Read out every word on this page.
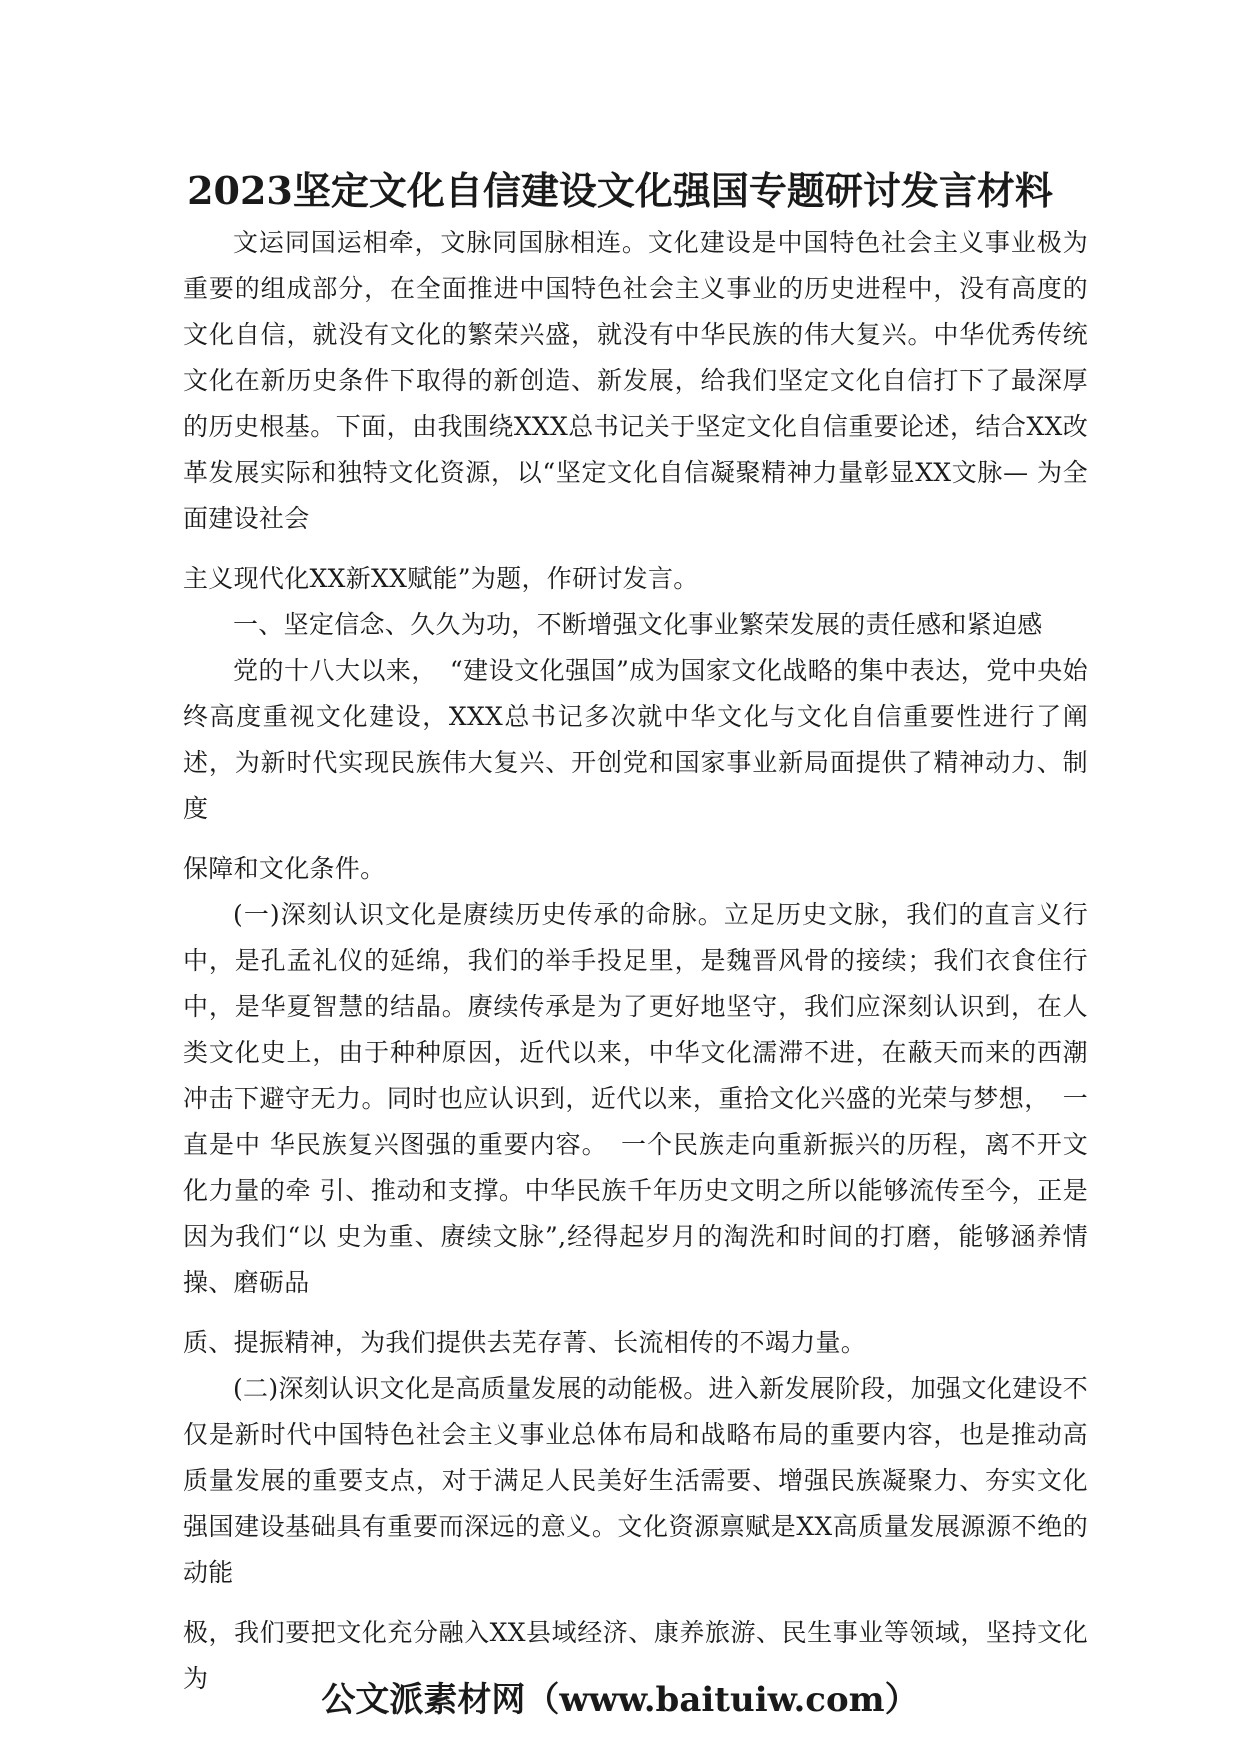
2023坚定文化自信建设文化强国专题研讨发言材料

文运同国运相牵，文脉同国脉相连。文化建设是中国特色社会主义事业极为重要的组成部分，在全面推进中国特色社会主义事业的历史进程中，没有高度的文化自信，就没有文化的繁荣兴盛，就没有中华民族的伟大复兴。中华优秀传统文化在新历史条件下取得的新创造、新发展，给我们坚定文化自信打下了最深厚的历史根基。下面，由我围绕XXX总书记关于坚定文化自信重要论述，结合XX改革发展实际和独特文化资源，以“坚定文化自信凝聚精神力量彰显XX文脉— 为全面建设社会

主义现代化XX新XX赋能”为题，作研讨发言。

一、坚定信念、久久为功，不断增强文化事业繁荣发展的责任感和紧迫感

党的十八大以来，　“建设文化强国”成为国家文化战略的集中表达，党中央始 终高度重视文化建设，XXX总书记多次就中华文化与文化自信重要性进行了阐 述，为新时代实现民族伟大复兴、开创党和国家事业新局面提供了精神动力、制度

保障和文化条件。

(一)深刻认识文化是赓续历史传承的命脉。立足历史文脉，我们的直言义行中，是孔孟礼仪的延绵，我们的举手投足里，是魏晋风骨的接续；我们衣食住行中，是华夏智慧的结晶。赓续传承是为了更好地坚守，我们应深刻认识到，在人类文化史上，由于种种原因，近代以来，中华文化濡滞不进，在蔽天而来的西潮冲击下避守无力。同时也应认识到，近代以来，重拾文化兴盛的光荣与梦想，　一直是中 华民族复兴图强的重要内容。　一个民族走向重新振兴的历程，离不开文化力量的牵 引、推动和支撑。中华民族千年历史文明之所以能够流传至今，正是因为我们“以 史为重、赓续文脉”,经得起岁月的淘洗和时间的打磨，能够涵养情操、磨砺品

质、提振精神，为我们提供去芜存菁、长流相传的不竭力量。

(二)深刻认识文化是高质量发展的动能极。进入新发展阶段，加强文化建设不仅是新时代中国特色社会主义事业总体布局和战略布局的重要内容，也是推动高质量发展的重要支点，对于满足人民美好生活需要、增强民族凝聚力、夯实文化强国建设基础具有重要而深远的意义。文化资源禀赋是XX高质量发展源源不绝的动能

极，我们要把文化充分融入XX县域经济、康养旅游、民生事业等领域，坚持文化为

公文派素材网（www.baituiw.com）
